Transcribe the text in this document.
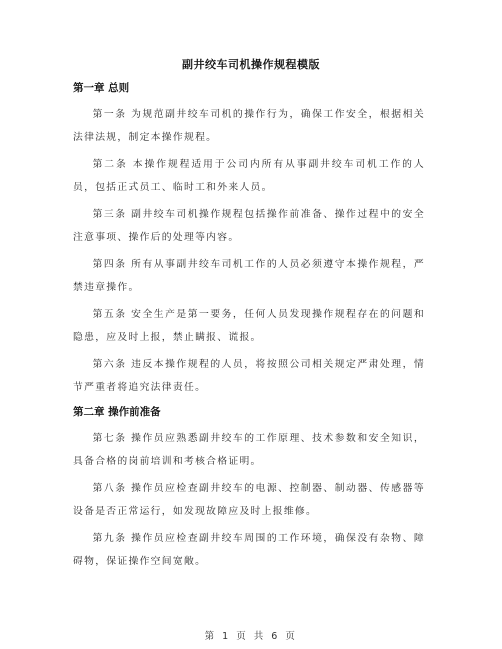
副井绞车司机操作规程模版
第一章 总则

第一条 为规范副井绞车司机的操作行为，确保工作安全，根据相关法律法规，制定本操作规程。

第二条 本操作规程适用于公司内所有从事副井绞车司机工作的人员，包括正式员工、临时工和外来人员。

第三条 副井绞车司机操作规程包括操作前准备、操作过程中的安全注意事项、操作后的处理等内容。

第四条 所有从事副井绞车司机工作的人员必须遵守本操作规程，严禁违章操作。

第五条 安全生产是第一要务，任何人员发现操作规程存在的问题和隐患，应及时上报，禁止瞒报、谎报。

第六条 违反本操作规程的人员，将按照公司相关规定严肃处理，情节严重者将追究法律责任。

第二章 操作前准备

第七条 操作员应熟悉副井绞车的工作原理、技术参数和安全知识，具备合格的岗前培训和考核合格证明。

第八条 操作员应检查副井绞车的电源、控制器、制动器、传感器等设备是否正常运行，如发现故障应及时上报维修。

第九条 操作员应检查副井绞车周围的工作环境，确保没有杂物、障碍物，保证操作空间宽敞。

第 1 页 共 6 页
